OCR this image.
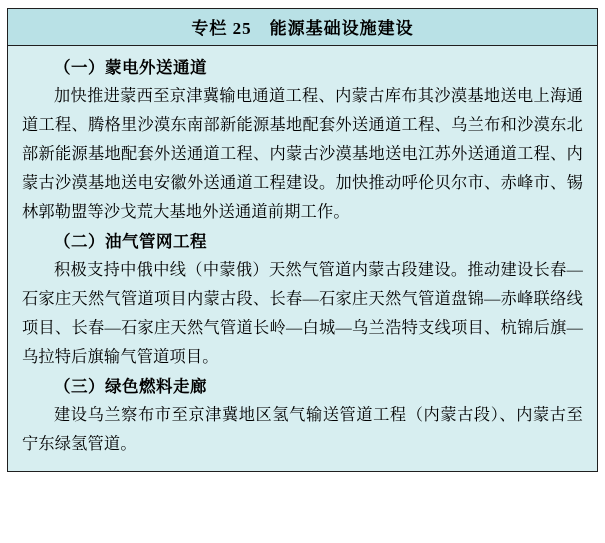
专栏 25 能源基础设施建设

（一）蒙电外送通道

加快推进蒙西至京津冀输电通道工程、内蒙古库布其沙漠基地送电上海通道工程、腾格里沙漠东南部新能源基地配套外送通道工程、乌兰布和沙漠东北部新能源基地配套外送通道工程、内蒙古沙漠基地送电江苏外送通道工程、内蒙古沙漠基地送电安徽外送通道工程建设。加快推动呼伦贝尔市、赤峰市、锡林郭勒盟等沙戈荒大基地外送通道前期工作。

（二）油气管网工程

积极支持中俄中线（中蒙俄）天然气管道内蒙古段建设。推动建设长春—石家庄天然气管道项目内蒙古段、长春—石家庄天然气管道盘锦—赤峰联络线项目、长春—石家庄天然气管道长岭—白城—乌兰浩特支线项目、杭锦后旗—乌拉特后旗输气管道项目。

（三）绿色燃料走廊

建设乌兰察布市至京津冀地区氢气输送管道工程（内蒙古段）、内蒙古至宁东绿氢管道。
